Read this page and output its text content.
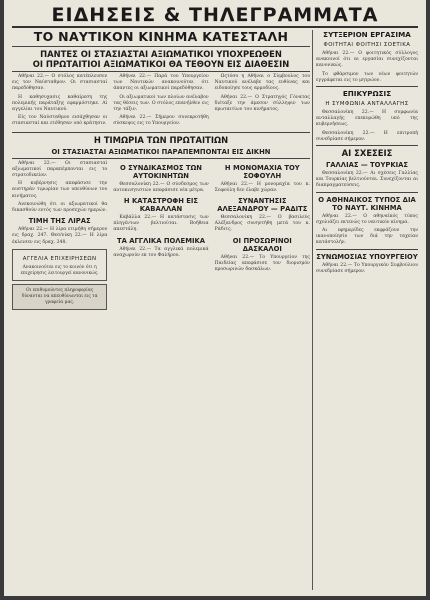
ΕΙΔΗΣΕΙΣ & ΤΗΛΕΓΡΑΜΜΑΤΑ

ΤΟ ΝΑΥΤΙΚΟΝ ΚΙΝΗΜΑ ΚΑΤΕΣΤΑΛΗ

ΠΑΝΤΕΣ ΟΙ ΣΤΑΣΙΑΣΤΑΙ ΑΞΙΩΜΑΤΙΚΟΙ ΥΠΟΧΡΕΩΘΕΝ

ΟΙ ΠΡΩΤΑΙΤΙΟΙ ΑΞΙΩΜΑΤΙΚΟΙ ΘΑ ΤΕΘΟΥΝ ΕΙΣ ΔΙΑΘΕΣΙΝ

Αθήναι 22.— Ο στόλος κατέπλευσεν εις τον Ναύσταθμον. Οι στασιασταί παρεδόθησαν.

Η καθησυχασις καθαίρεση της πολεμικής παράταξης εφαρμόστηκε. Αί αγγελίαι του Ναυτικού.

Είς τον Ναύσταθμον εισάχθησαν οι στασιασταί και ετέθησαν υπό κράτησιν.

Αθήναι 22.— Παρά του Υπουργείου των Ναυτικών ανακοινούται ότι άπαντες οι αξιωματικοί παρεδόθησαν.

Οι αξιωματικοί των πλοίων ανέλαβον τας θέσεις των. Ο στόλος επανήλθεν εις την τάξιν.

Αθήναι 22.— Σήμερον συνεκροτήθη σύσκεψις εις το Υπουργείον.

Ωςτόσο η Αθήναι ο Σύμβουλος του Ναυτικού ανέλαβε τας ευθύνας και ειδοποίησε τους αρμοδίους.

Αθήναι 22.— Ο Στρατηγός Γόνατας διέταξε την άμεσον σύλληψιν των πρωταιτίων του κινήματος.

Η ΤΙΜΩΡΙΑ ΤΩΝ ΠΡΩΤΑΙΤΙΩΝ

ΟΙ ΣΤΑΣΙΑΣΤΑΙ ΑΞΙΩΜΑΤΙΚΟΙ ΠΑΡΑΠΕΜΠΟΝΤΑΙ ΕΙΣ ΔΙΚΗΝ

Αθήναι 22.— Οι στασιασταί αξιωματικοί παραπέμπονται εις το στρατοδικείον.

Η κυβέρνησις απεφάσισε την αυστηράν τιμωρίαν των υπευθύνων του κινήματος.

Ανεκοινώθη ότι οι αξιωματικοί θα δικασθούν εντός των προσεχών ημερών.

ΤΙΜΗ ΤΗΣ ΛΙΡΑΣ

Αθήναι 22.— Η λίρα ετιμήθη σήμερον εις δραχ. 247. Θεσ/νίκη 22.— Η λίρα έκλεισεν εις δραχ. 248.

ΑΓΓΕΛΙΑ ΕΠΙΧΕΙΡΗΣΕΩΝ
Ανακοινούται εις το κοινόν ότι η επιχείρησις λειτουργεί κανονικώς.
Οι επιθυμούντες πληροφορίας δύνανται να απευθύνωνται εις τα γραφεία μας.

Ο ΣΥΝΔΙΚΑΣΜΟΣ ΤΩΝ ΑΥΤΟΚΙΝΗΤΩΝ

Θεσσαλονίκη 22.— Ο σύνδεσμος των αυτοκινητιστών απεφάσισε νέα μέτρα.

Η ΚΑΤΑΣΤΡΟΦΗ ΕΙΣ ΚΑΒΑΛΛΑΝ

Καβάλλα 22.— Η κατάστασις των πληγέντων βελτιούται. Βοήθεια απεστάλη.

ΤΑ ΑΓΓΛΙΚΑ ΠΟΛΕΜΙΚΑ

Αθήναι 22.— Τα αγγλικά πολεμικά αναχωρούν εκ του Φαλήρου.

Η ΜΟΝΟΜΑΧΙΑ ΤΟΥ ΣΟΦΟΥΛΗ

Αθήναι 22.— Η μονομαχία του κ. Σοφούλη δεν έλαβε χώραν.

ΣΥΝΑΝΤΗΣΙΣ ΑΛΕΞΑΝΔΡΟΥ — ΡΑΔΙΤΣ

Θεσσαλονίκη 22.— Ο βασιλεύς Αλέξανδρος συνηντήθη μετά του κ. Ράδιτς.

ΟΙ ΠΡΟΣΩΡΙΝΟΙ ΔΑΣΚΑΛΟΙ

Αθήναι 22.— Το Υπουργείον της Παιδείας απεφάσισε τον διορισμόν προσωρινών δασκάλων.

ΣΥΤΞΕΡΙΟΝ ΕΡΓΑΣΙΜΑ

ΦΟΙΤΗΤΑΙ ΦΟΙΤΗΣΙ ΣΟΕΤΙΚΑ

Αθήναι 22.— Ο φοιτητικός σύλλογος ανακοινοί ότι αι εργασίαι συνεχίζονται κανονικώς.

Το φθάρσιμον των νέων φοιτητών εγγράφεται εις το μητρώον.

ΕΠΙΚΥΡΩΣΙΣ

Η ΣΥΜΦΩΝΙΑ ΑΝΤΑΛΛΑΓΗΣ

Θεσσαλονίκη 22.— Η συμφωνία ανταλλαγής επεκυρώθη υπό της κυβερνήσεως.

Θεσσαλονίκη 22.— Η επιτροπή συνεδρίασε σήμερον.

ΑΙ ΣΧΕΣΕΙΣ

ΓΑΛΛΙΑΣ — ΤΟΥΡΚΙΑΣ

Θεσσαλονίκη 22.— Αι σχέσεις Γαλλίας και Τουρκίας βελτιούνται. Συνεχίζονται αι διαπραγματεύσεις.

Ο ΑΘΗΝΑΙΚΟΣ ΤΥΠΟΣ ΔΙΑ ΤΟ ΝΑΥΤ. ΚΙΝΗΜΑ

Αθήναι 22.— Ο αθηναϊκός τύπος σχολιάζει εκτενώς το ναυτικόν κίνημα.

Αι εφημερίδες εκφράζουν την ικανοποίησίν των διά την ταχείαν κατάστολήν.

ΣΥΝΩΜΟΣΙΑΣ ΥΠΟΥΡΓΕΙΟΥ

Αθήναι 22.— Το Υπουργικόν Συμβούλιον συνεδρίασε σήμερον.
